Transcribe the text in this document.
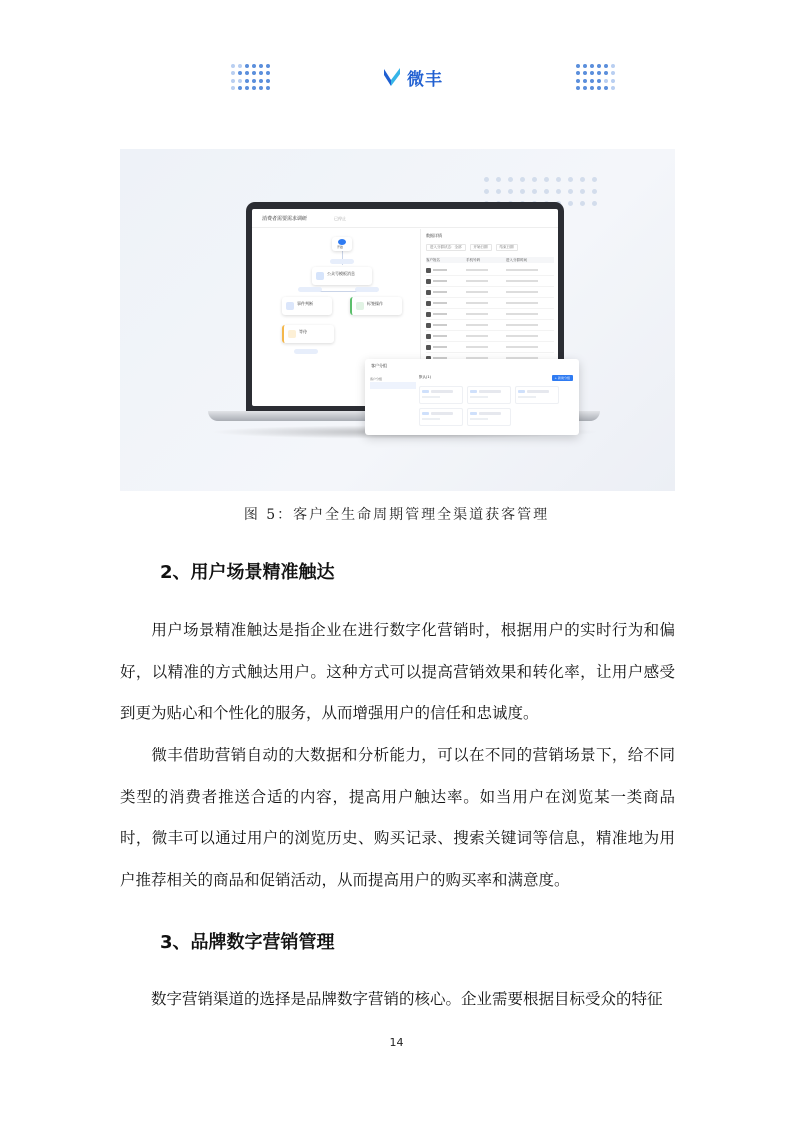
微丰
消费者需要需求调研	已停止
开始
公众号模板消息
事件判断	标签操作
等待
数据详情
进入分群状态：全部	开始日期	结束日期
客户姓名	手机号码	进入分群时间
客户分组
客户分组	默认(1)	+ 新建分组
图 5：客户全生命周期管理全渠道获客管理
2、用户场景精准触达
用户场景精准触达是指企业在进行数字化营销时，根据用户的实时行为和偏好，以精准的方式触达用户。这种方式可以提高营销效果和转化率，让用户感受到更为贴心和个性化的服务，从而增强用户的信任和忠诚度。
微丰借助营销自动的大数据和分析能力，可以在不同的营销场景下，给不同类型的消费者推送合适的内容，提高用户触达率。如当用户在浏览某一类商品时，微丰可以通过用户的浏览历史、购买记录、搜索关键词等信息，精准地为用户推荐相关的商品和促销活动，从而提高用户的购买率和满意度。
3、品牌数字营销管理
数字营销渠道的选择是品牌数字营销的核心。企业需要根据目标受众的特征
14
